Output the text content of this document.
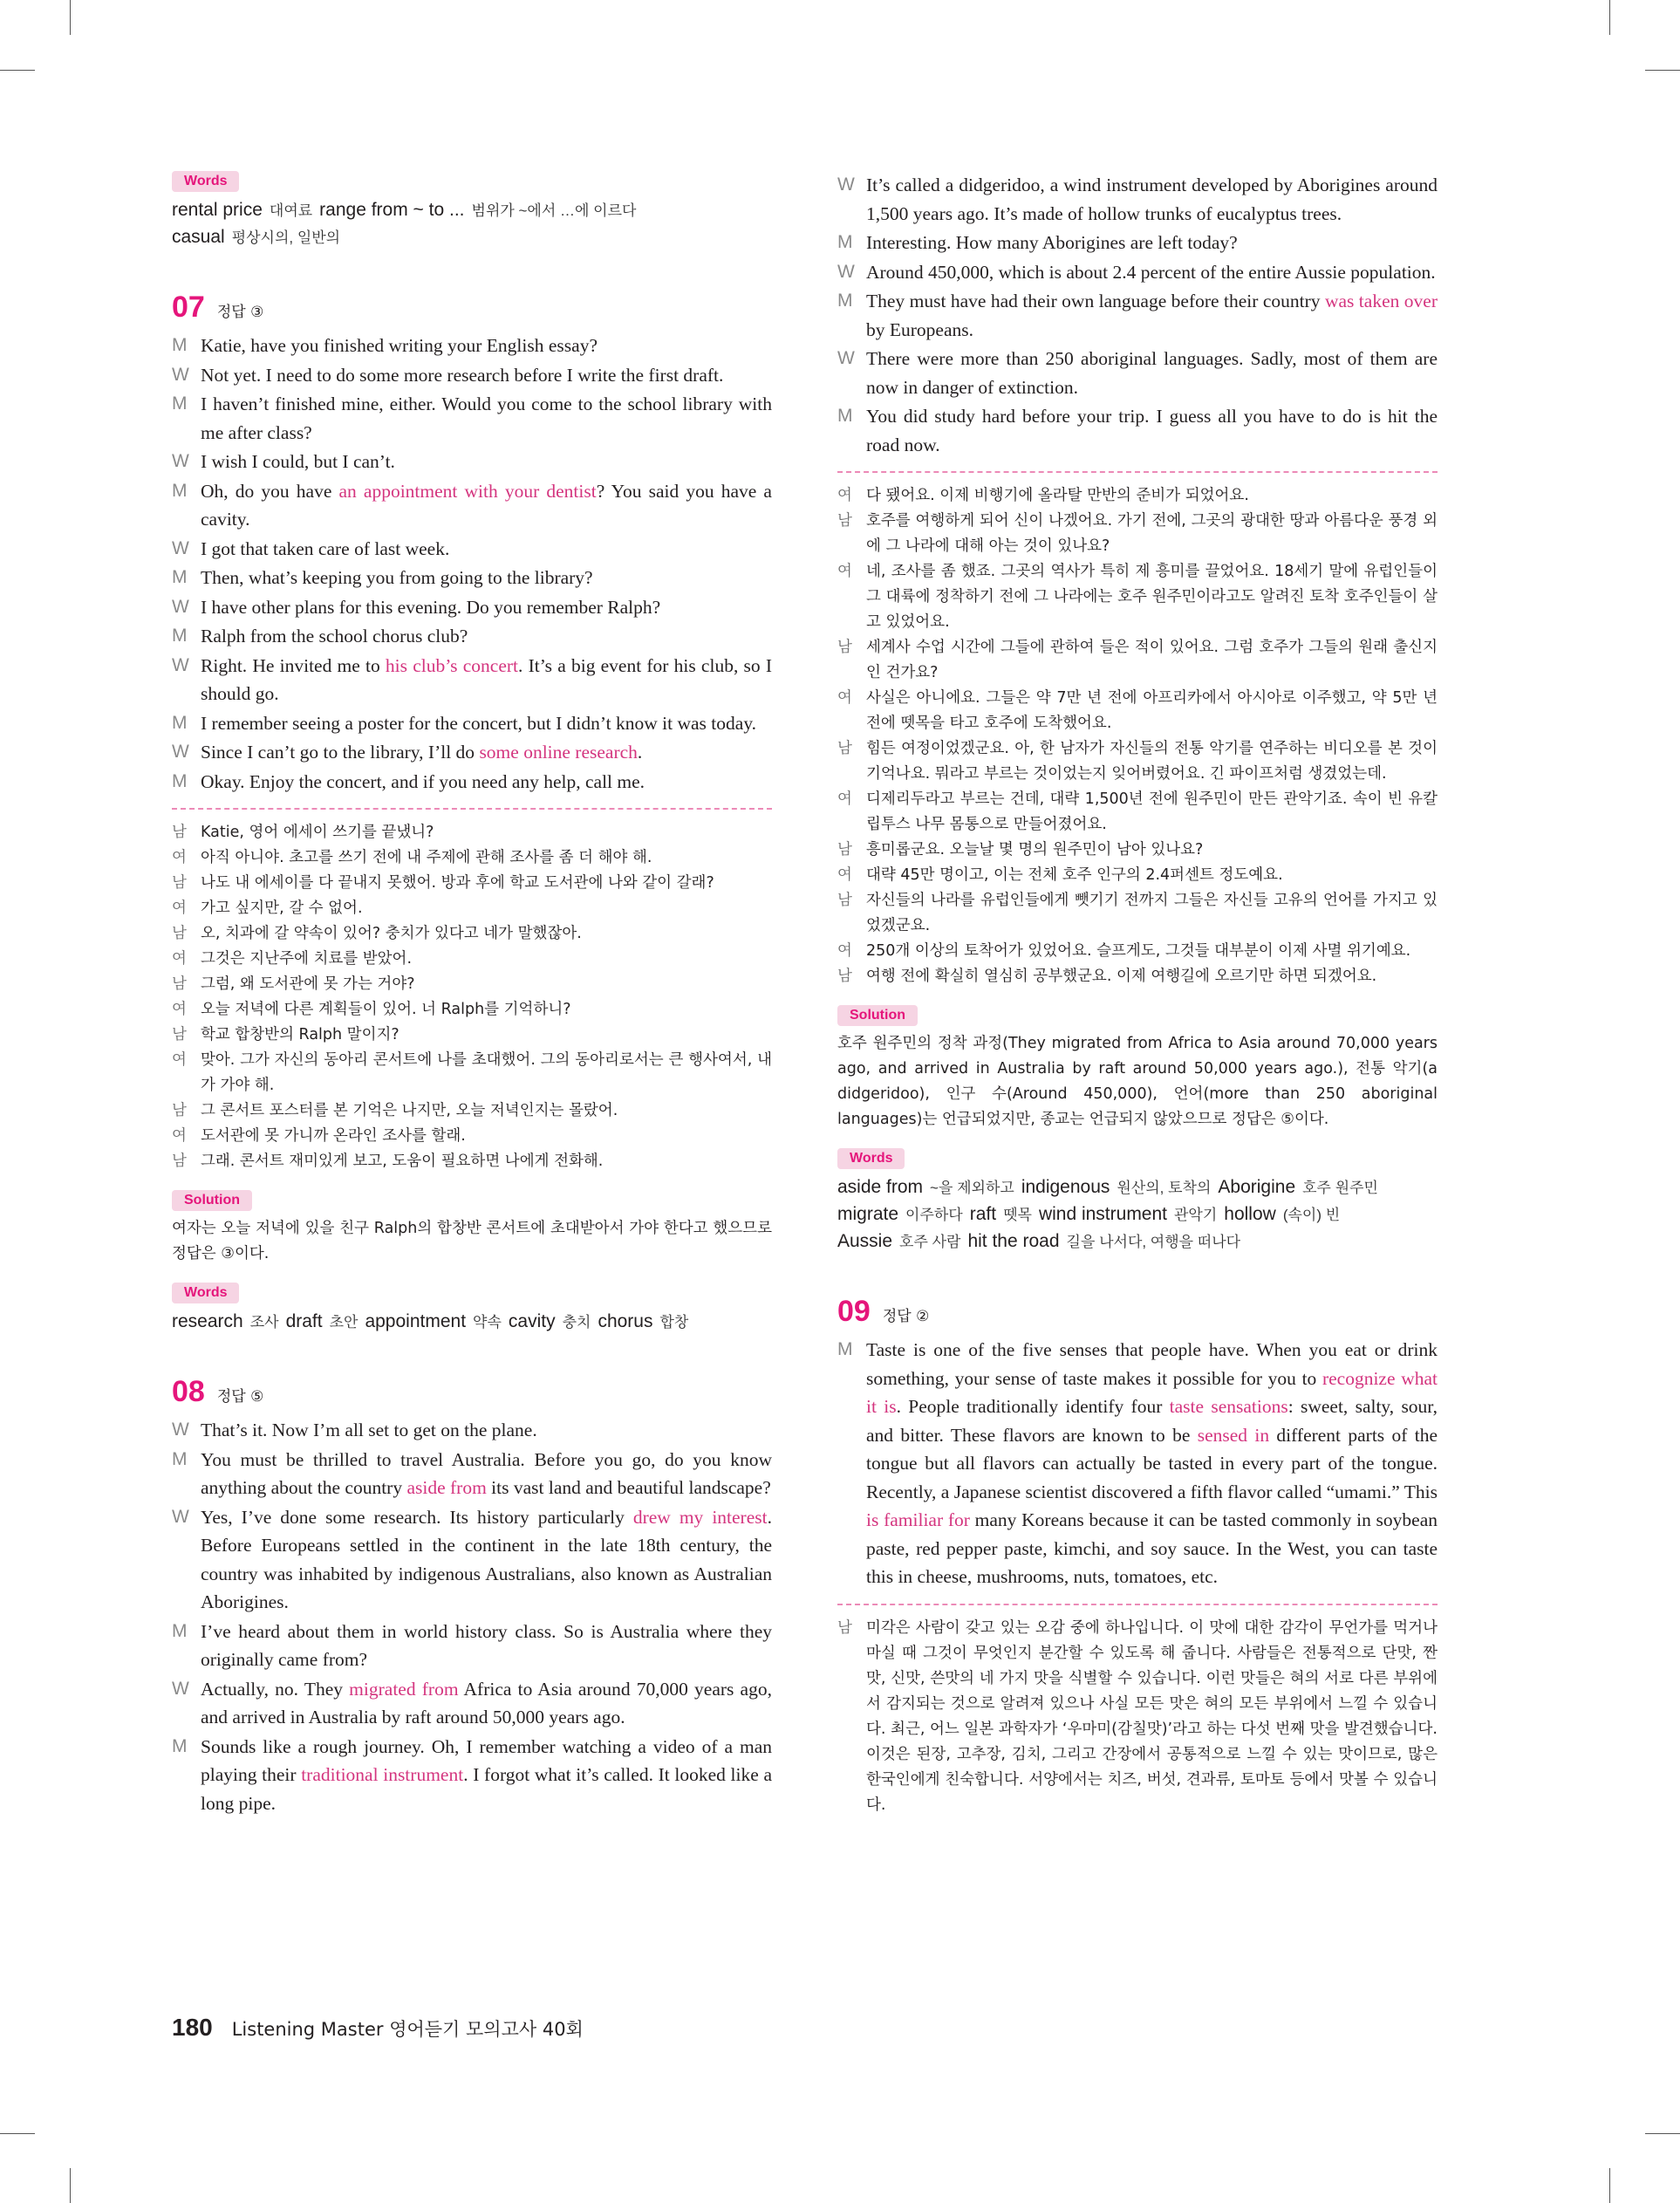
Words
rental price 대여료 range from ~ to ... 범위가 ~에서 …에 이르다
casual 평상시의, 일반의
07 정답 ③
M Katie, have you finished writing your English essay?
W Not yet. I need to do some more research before I write the first draft.
M I haven’t finished mine, either. Would you come to the school library with me after class?
W I wish I could, but I can’t.
M Oh, do you have an appointment with your dentist? You said you have a cavity.
W I got that taken care of last week.
M Then, what’s keeping you from going to the library?
W I have other plans for this evening. Do you remember Ralph?
M Ralph from the school chorus club?
W Right. He invited me to his club’s concert. It’s a big event for his club, so I should go.
M I remember seeing a poster for the concert, but I didn’t know it was today.
W Since I can’t go to the library, I’ll do some online research.
M Okay. Enjoy the concert, and if you need any help, call me.
남 Katie, 영어 에세이 쓰기를 끝냈니?
여 아직 아니야. 초고를 쓰기 전에 내 주제에 관해 조사를 좀 더 해야 해.
남 나도 내 에세이를 다 끝내지 못했어. 방과 후에 학교 도서관에 나와 같이 갈래?
여 가고 싶지만, 갈 수 없어.
남 오, 치과에 갈 약속이 있어? 충치가 있다고 네가 말했잖아.
여 그것은 지난주에 치료를 받았어.
남 그럼, 왜 도서관에 못 가는 거야?
여 오늘 저녁에 다른 계획들이 있어. 너 Ralph를 기억하니?
남 학교 합창반의 Ralph 말이지?
여 맞아. 그가 자신의 동아리 콘서트에 나를 초대했어. 그의 동아리로서는 큰 행사여서, 내가 가야 해.
남 그 콘서트 포스터를 본 기억은 나지만, 오늘 저녁인지는 몰랐어.
여 도서관에 못 가니까 온라인 조사를 할래.
남 그래. 콘서트 재미있게 보고, 도움이 필요하면 나에게 전화해.
Solution
여자는 오늘 저녁에 있을 친구 Ralph의 합창반 콘서트에 초대받아서 가야 한다고 했으므로 정답은 ③이다.
Words
research 조사 draft 초안 appointment 약속 cavity 충치 chorus 합창
08 정답 ⑤
W That’s it. Now I’m all set to get on the plane.
M You must be thrilled to travel Australia. Before you go, do you know anything about the country aside from its vast land and beautiful landscape?
W Yes, I’ve done some research. Its history particularly drew my interest. Before Europeans settled in the continent in the late 18th century, the country was inhabited by indigenous Australians, also known as Australian Aborigines.
M I’ve heard about them in world history class. So is Australia where they originally came from?
W Actually, no. They migrated from Africa to Asia around 70,000 years ago, and arrived in Australia by raft around 50,000 years ago.
M Sounds like a rough journey. Oh, I remember watching a video of a man playing their traditional instrument. I forgot what it’s called. It looked like a long pipe.
W It’s called a didgeridoo, a wind instrument developed by Aborigines around 1,500 years ago. It’s made of hollow trunks of eucalyptus trees.
M Interesting. How many Aborigines are left today?
W Around 450,000, which is about 2.4 percent of the entire Aussie population.
M They must have had their own language before their country was taken over by Europeans.
W There were more than 250 aboriginal languages. Sadly, most of them are now in danger of extinction.
M You did study hard before your trip. I guess all you have to do is hit the road now.
여 다 됐어요. 이제 비행기에 올라탈 만반의 준비가 되었어요.
남 호주를 여행하게 되어 신이 나겠어요. 가기 전에, 그곳의 광대한 땅과 아름다운 풍경 외에 그 나라에 대해 아는 것이 있나요?
여 네, 조사를 좀 했죠. 그곳의 역사가 특히 제 흥미를 끌었어요. 18세기 말에 유럽인들이 그 대륙에 정착하기 전에 그 나라에는 호주 원주민이라고도 알려진 토착 호주인들이 살고 있었어요.
남 세계사 수업 시간에 그들에 관하여 들은 적이 있어요. 그럼 호주가 그들의 원래 출신지인 건가요?
여 사실은 아니에요. 그들은 약 7만 년 전에 아프리카에서 아시아로 이주했고, 약 5만 년 전에 뗏목을 타고 호주에 도착했어요.
남 힘든 여정이었겠군요. 아, 한 남자가 자신들의 전통 악기를 연주하는 비디오를 본 것이 기억나요. 뭐라고 부르는 것이었는지 잊어버렸어요. 긴 파이프처럼 생겼었는데.
여 디제리두라고 부르는 건데, 대략 1,500년 전에 원주민이 만든 관악기죠. 속이 빈 유칼립투스 나무 몸통으로 만들어졌어요.
남 흥미롭군요. 오늘날 몇 명의 원주민이 남아 있나요?
여 대략 45만 명이고, 이는 전체 호주 인구의 2.4퍼센트 정도예요.
남 자신들의 나라를 유럽인들에게 뺏기기 전까지 그들은 자신들 고유의 언어를 가지고 있었겠군요.
여 250개 이상의 토착어가 있었어요. 슬프게도, 그것들 대부분이 이제 사멸 위기예요.
남 여행 전에 확실히 열심히 공부했군요. 이제 여행길에 오르기만 하면 되겠어요.
Solution
호주 원주민의 정착 과정(They migrated from Africa to Asia around 70,000 years ago, and arrived in Australia by raft around 50,000 years ago.), 전통 악기(a didgeridoo), 인구 수(Around 450,000), 언어(more than 250 aboriginal languages)는 언급되었지만, 종교는 언급되지 않았으므로 정답은 ⑤이다.
Words
aside from ~을 제외하고 indigenous 원산의, 토착의 Aborigine 호주 원주민
migrate 이주하다 raft 뗏목 wind instrument 관악기 hollow (속이) 빈
Aussie 호주 사람 hit the road 길을 나서다, 여행을 떠나다
09 정답 ②
M Taste is one of the five senses that people have. When you eat or drink something, your sense of taste makes it possible for you to recognize what it is. People traditionally identify four taste sensations: sweet, salty, sour, and bitter. These flavors are known to be sensed in different parts of the tongue but all flavors can actually be tasted in every part of the tongue. Recently, a Japanese scientist discovered a fifth flavor called “umami.” This is familiar for many Koreans because it can be tasted commonly in soybean paste, red pepper paste, kimchi, and soy sauce. In the West, you can taste this in cheese, mushrooms, nuts, tomatoes, etc.
남 미각은 사람이 갖고 있는 오감 중에 하나입니다. 이 맛에 대한 감각이 무언가를 먹거나 마실 때 그것이 무엇인지 분간할 수 있도록 해 줍니다. 사람들은 전통적으로 단맛, 짠맛, 신맛, 쓴맛의 네 가지 맛을 식별할 수 있습니다. 이런 맛들은 혀의 서로 다른 부위에서 감지되는 것으로 알려져 있으나 사실 모든 맛은 혀의 모든 부위에서 느낄 수 있습니다. 최근, 어느 일본 과학자가 ‘우마미(감칠맛)’라고 하는 다섯 번째 맛을 발견했습니다. 이것은 된장, 고추장, 김치, 그리고 간장에서 공통적으로 느낄 수 있는 맛이므로, 많은 한국인에게 친숙합니다. 서양에서는 치즈, 버섯, 견과류, 토마토 등에서 맛볼 수 있습니다.
180 Listening Master 영어듣기 모의고사 40회
